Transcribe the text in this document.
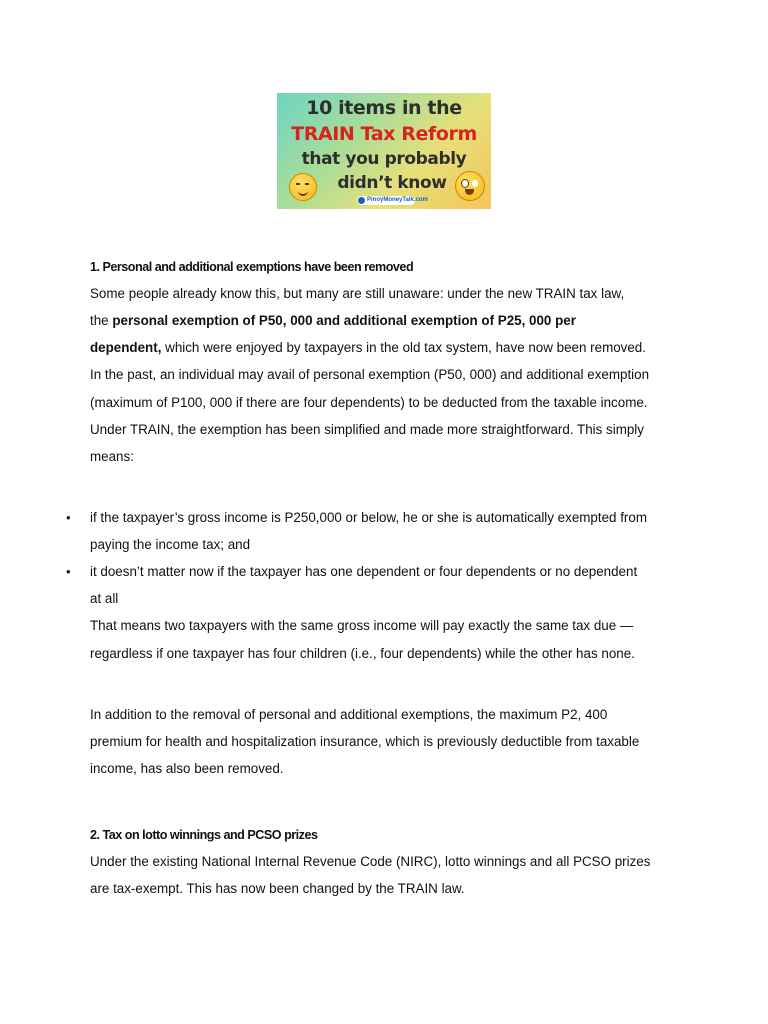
10 items in the
TRAIN Tax Reform
that you probably
didn’t know
PinoyMoneyTalk.com
1. Personal and additional exemptions have been removed
Some people already know this, but many are still unaware: under the new TRAIN tax law,
the personal exemption of P50, 000 and additional exemption of P25, 000 per
dependent, which were enjoyed by taxpayers in the old tax system, have now been removed.
In the past, an individual may avail of personal exemption (P50, 000) and additional exemption
(maximum of P100, 000 if there are four dependents) to be deducted from the taxable income.
Under TRAIN, the exemption has been simplified and made more straightforward. This simply
means:
• if the taxpayer’s gross income is P250,000 or below, he or she is automatically exempted from
paying the income tax; and
• it doesn’t matter now if the taxpayer has one dependent or four dependents or no dependent
at all
That means two taxpayers with the same gross income will pay exactly the same tax due —
regardless if one taxpayer has four children (i.e., four dependents) while the other has none.
In addition to the removal of personal and additional exemptions, the maximum P2, 400
premium for health and hospitalization insurance, which is previously deductible from taxable
income, has also been removed.
2. Tax on lotto winnings and PCSO prizes
Under the existing National Internal Revenue Code (NIRC), lotto winnings and all PCSO prizes
are tax-exempt. This has now been changed by the TRAIN law.
